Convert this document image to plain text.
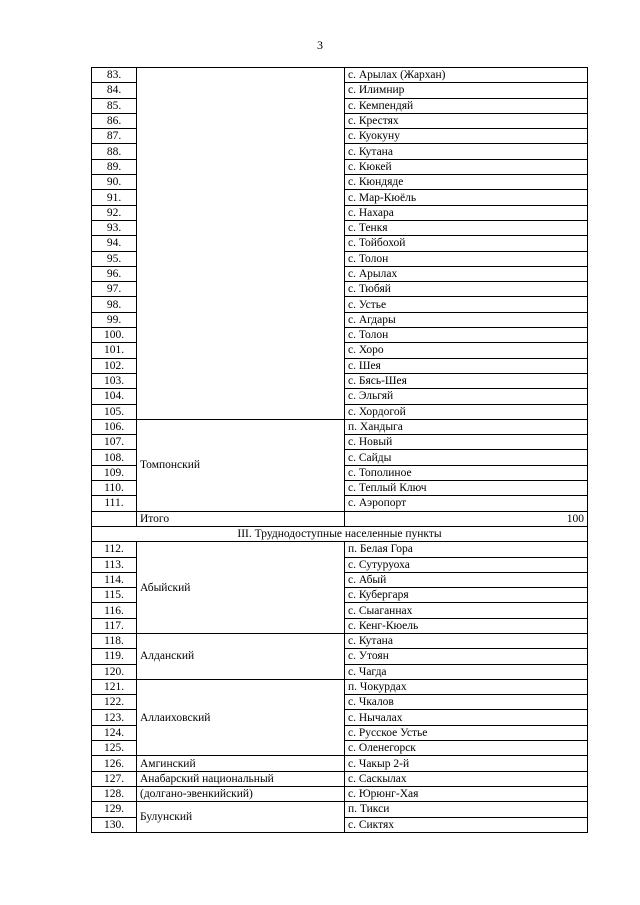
3
83.		с. Арылах (Жархан)
84.		с. Илимнир
85.		с. Кемпендяй
86.		с. Крестях
87.		с. Куокуну
88.		с. Кутана
89.		с. Кюкей
90.		с. Кюндяде
91.		с. Мар-Кюёль
92.		с. Нахара
93.		с. Тенкя
94.		с. Тойбохой
95.		с. Толон
96.		с. Арылах
97.		с. Тюбяй
98.		с. Устье
99.		с. Агдары
100.		с. Толон
101.		с. Хоро
102.		с. Шея
103.		с. Бясь-Шея
104.		с. Эльгяй
105.		с. Хордогой
106.	Томпонский	п. Хандыга
107.		с. Новый
108.		с. Сайды
109.		с. Тополиное
110.		с. Теплый Ключ
111.		с. Аэропорт
	Итого	100
III. Труднодоступные населенные пункты		
112.	Абыйский	п. Белая Гора
113.		с. Сутуруоха
114.		с. Абый
115.		с. Кубергаря
116.		с. Сыаганнах
117.		с. Кенг-Кюель
118.	Алданский	с. Кутана
119.		с. Утоян
120.		с. Чагда
121.	Аллаиховский	п. Чокурдах
122.		с. Чкалов
123.		с. Нычалах
124.		с. Русское Устье
125.		с. Оленегорск
126.	Амгинский	с. Чакыр 2-й
127.	Анабарский национальный	с. Саскылах
128.	(долгано-эвенкийский)	с. Юрюнг-Хая
129.	Булунский	п. Тикси
130.		с. Сиктях
